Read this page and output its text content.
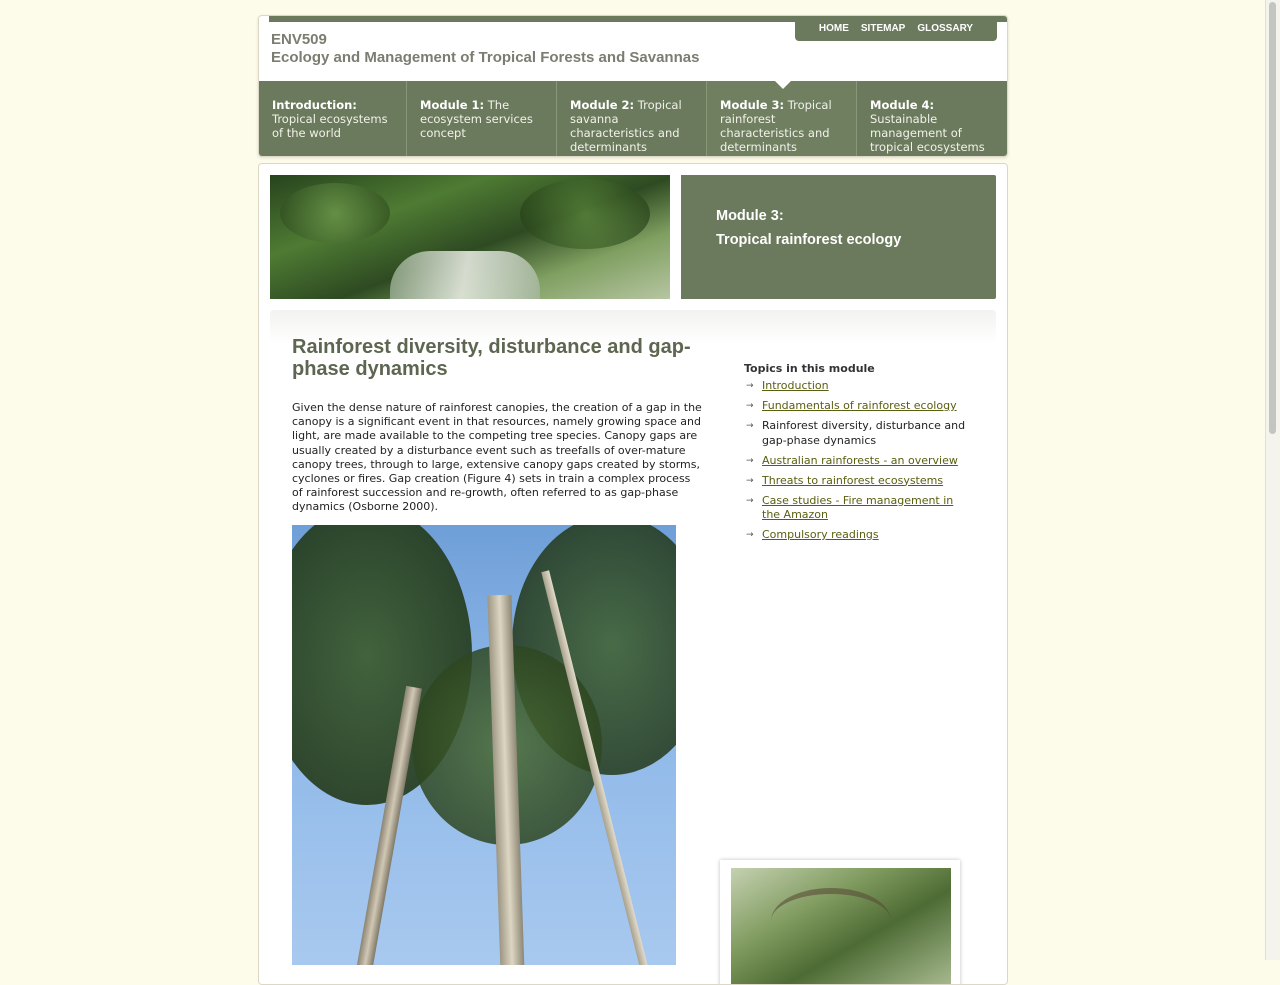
HOME SITEMAP GLOSSARY
ENV509
Ecology and Management of Tropical Forests and Savannas
Introduction: Tropical ecosystems of the world
Module 1: The ecosystem services concept
Module 2: Tropical savanna characteristics and determinants
Module 3: Tropical rainforest characteristics and determinants
Module 4: Sustainable management of tropical ecosystems
Module 3:
Tropical rainforest ecology
Rainforest diversity, disturbance and gap-phase dynamics

Given the dense nature of rainforest canopies, the creation of a gap in the canopy is a significant event in that resources, namely growing space and light, are made available to the competing tree species. Canopy gaps are usually created by a disturbance event such as treefalls of over-mature canopy trees, through to large, extensive canopy gaps created by storms, cyclones or fires. Gap creation (Figure 4) sets in train a complex process of rainforest succession and re-growth, often referred to as gap-phase dynamics (Osborne 2000).

Topics in this module
→ Introduction
→ Fundamentals of rainforest ecology
→ Rainforest diversity, disturbance and gap-phase dynamics
→ Australian rainforests - an overview
→ Threats to rainforest ecosystems
→ Case studies - Fire management in the Amazon
→ Compulsory readings
